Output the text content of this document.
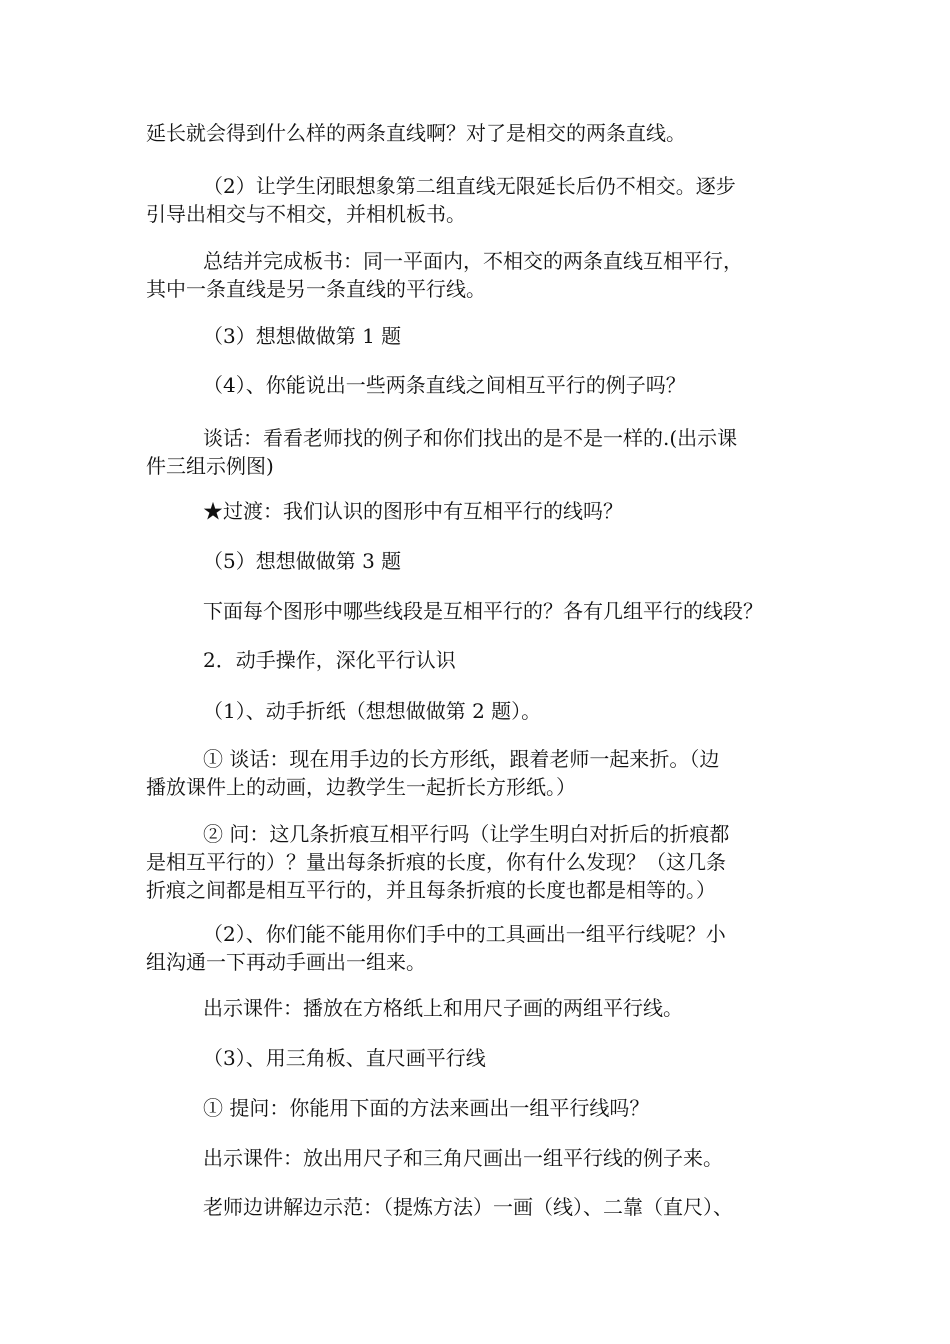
延长就会得到什么样的两条直线啊？对了是相交的两条直线。
（2）让学生闭眼想象第二组直线无限延长后仍不相交。逐步
引导出相交与不相交，并相机板书。
总结并完成板书：同一平面内，不相交的两条直线互相平行，
其中一条直线是另一条直线的平行线。
（3）想想做做第 1 题
（4）、你能说出一些两条直线之间相互平行的例子吗？
谈话：看看老师找的例子和你们找出的是不是一样的.(出示课
件三组示例图)
★过渡：我们认识的图形中有互相平行的线吗？
（5）想想做做第 3 题
下面每个图形中哪些线段是互相平行的？各有几组平行的线段？
2．动手操作，深化平行认识
（1）、动手折纸（想想做做第 2 题）。
① 谈话：现在用手边的长方形纸，跟着老师一起来折。（边
播放课件上的动画，边教学生一起折长方形纸。）
② 问：这几条折痕互相平行吗（让学生明白对折后的折痕都
是相互平行的）？量出每条折痕的长度，你有什么发现？（这几条
折痕之间都是相互平行的，并且每条折痕的长度也都是相等的。）
（2）、你们能不能用你们手中的工具画出一组平行线呢？小
组沟通一下再动手画出一组来。
出示课件：播放在方格纸上和用尺子画的两组平行线。
（3）、用三角板、直尺画平行线
① 提问：你能用下面的方法来画出一组平行线吗？
出示课件：放出用尺子和三角尺画出一组平行线的例子来。
老师边讲解边示范：（提炼方法）一画（线）、二靠（直尺）、
